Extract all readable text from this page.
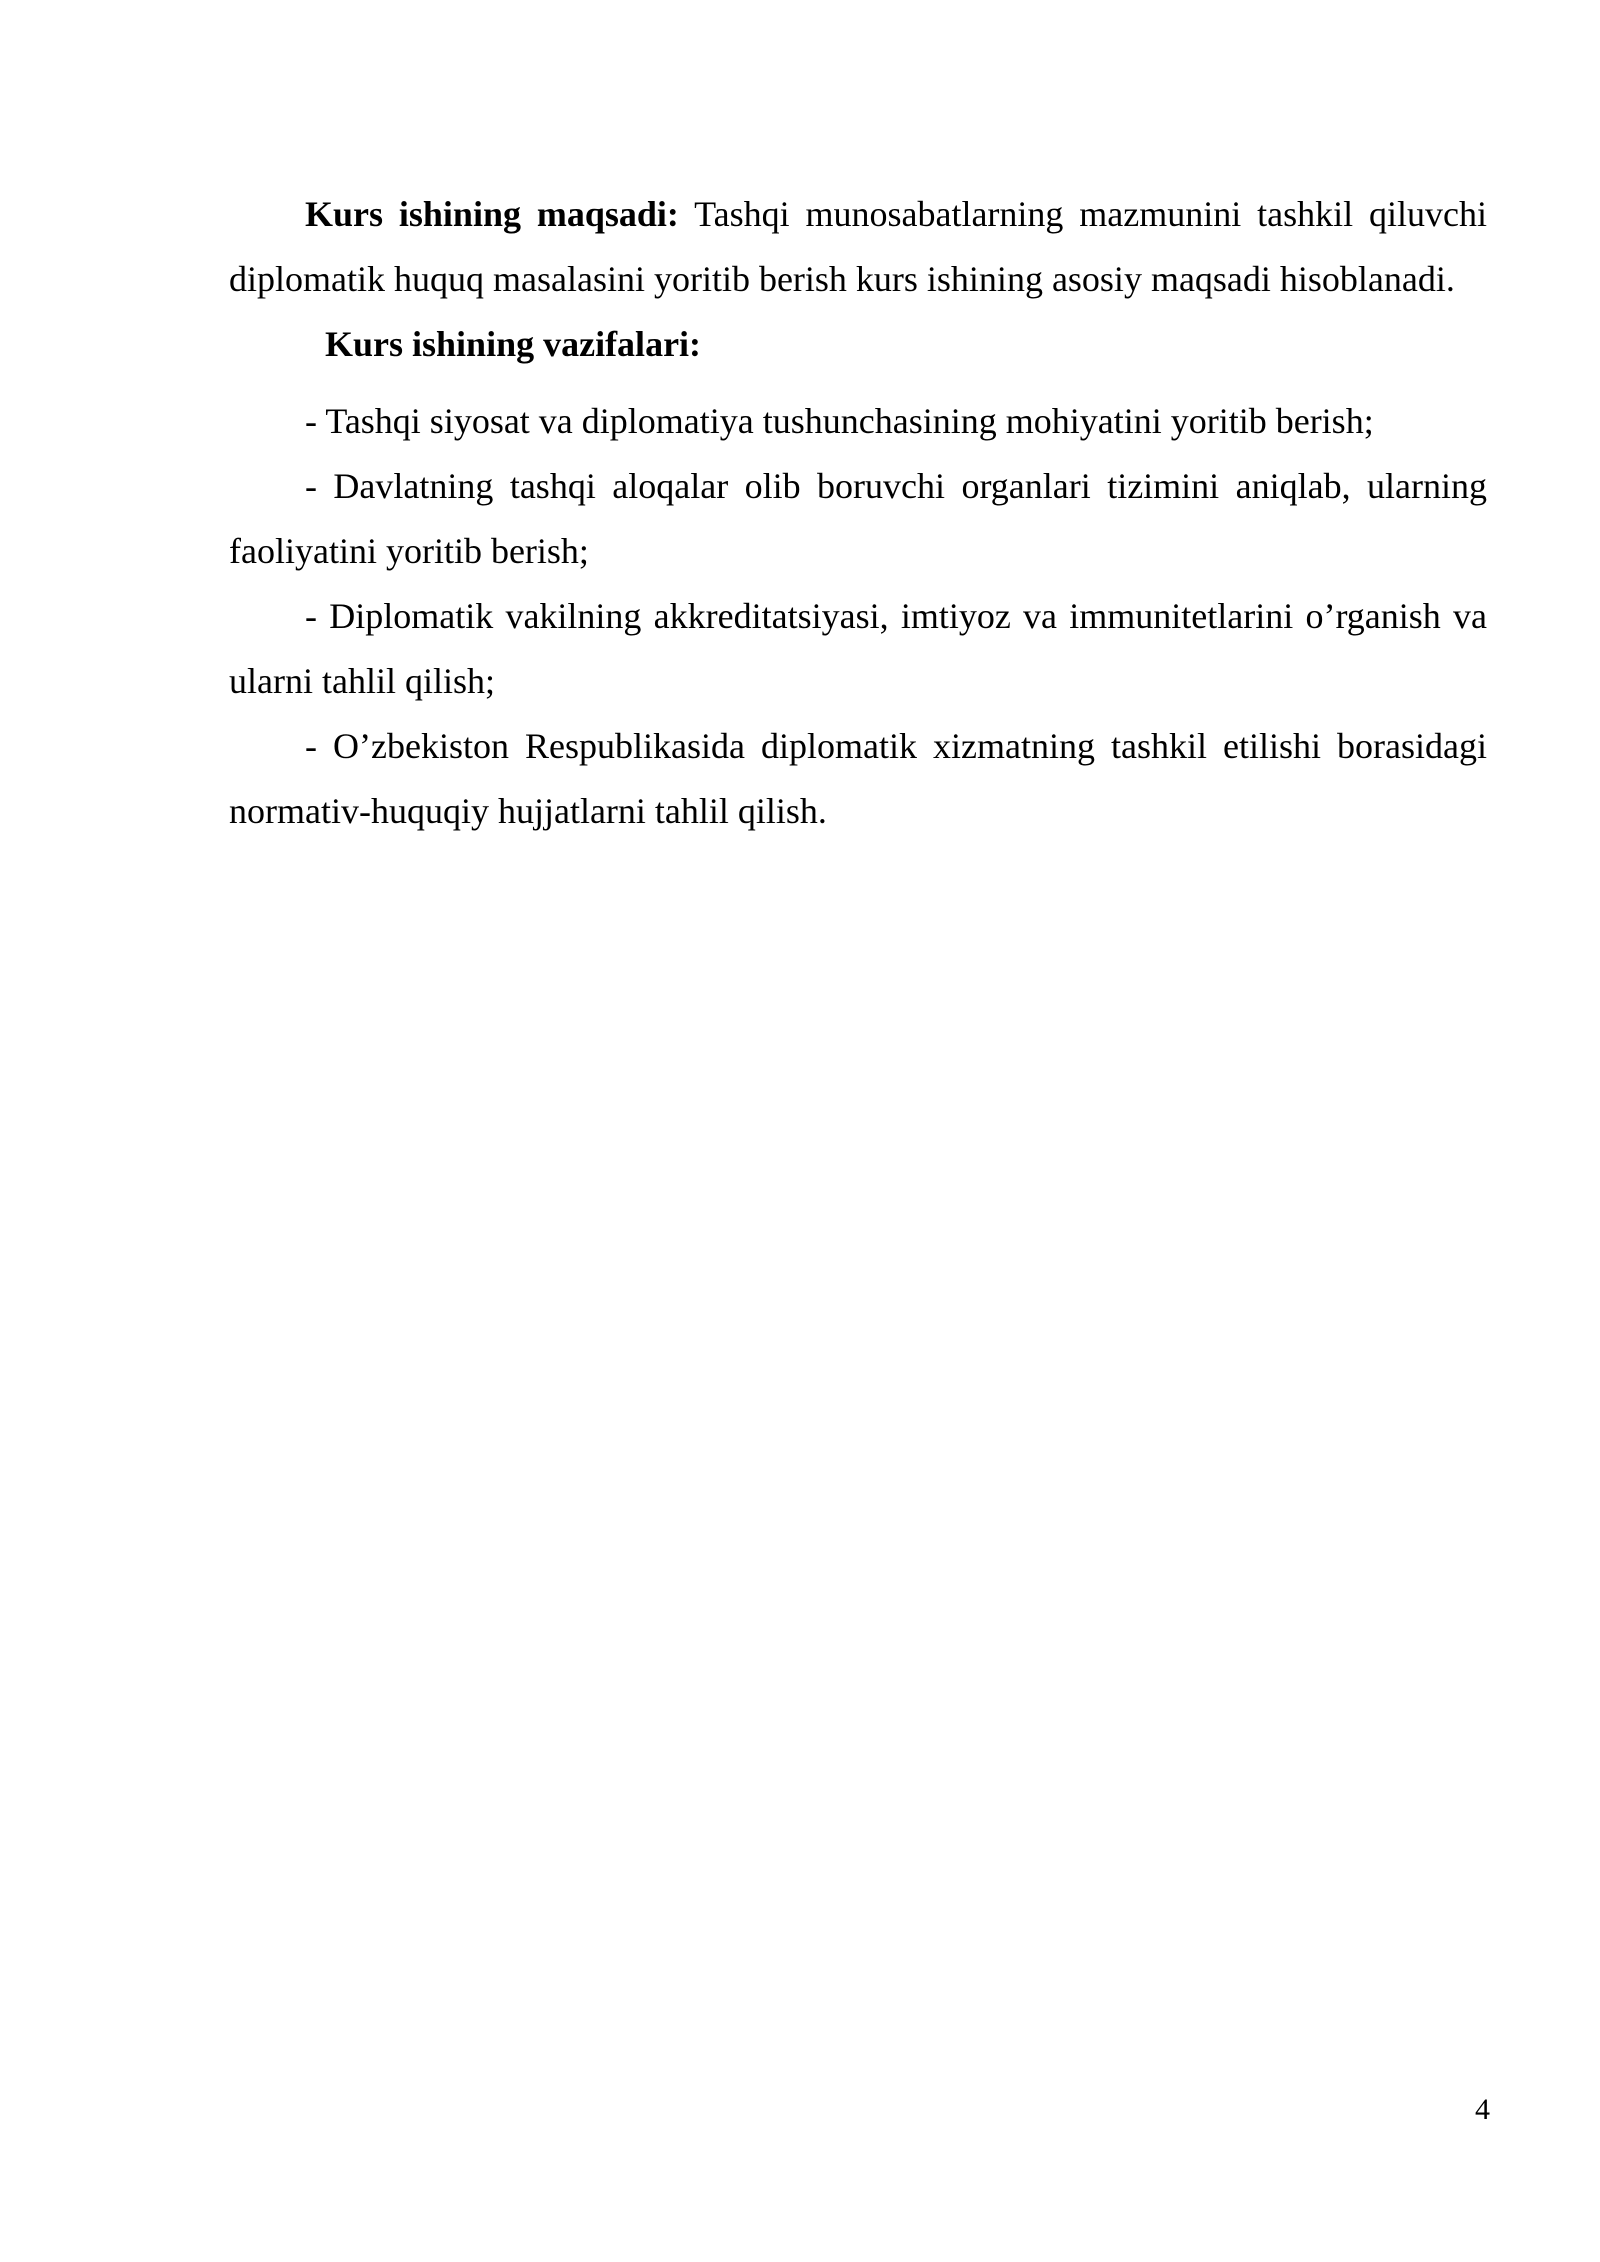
Kurs ishining maqsadi: Tashqi munosabatlarning mazmunini tashkil qiluvchi diplomatik huquq masalasini yoritib berish kurs ishining asosiy maqsadi hisoblanadi.

Kurs ishining vazifalari:

- Tashqi siyosat va diplomatiya tushunchasining mohiyatini yoritib berish;

- Davlatning tashqi aloqalar olib boruvchi organlari tizimini aniqlab, ularning faoliyatini yoritib berish;

- Diplomatik vakilning akkreditatsiyasi, imtiyoz va immunitetlarini o’rganish va ularni tahlil qilish;

- O’zbekiston Respublikasida diplomatik xizmatning tashkil etilishi borasidagi normativ-huquqiy hujjatlarni tahlil qilish.

4
